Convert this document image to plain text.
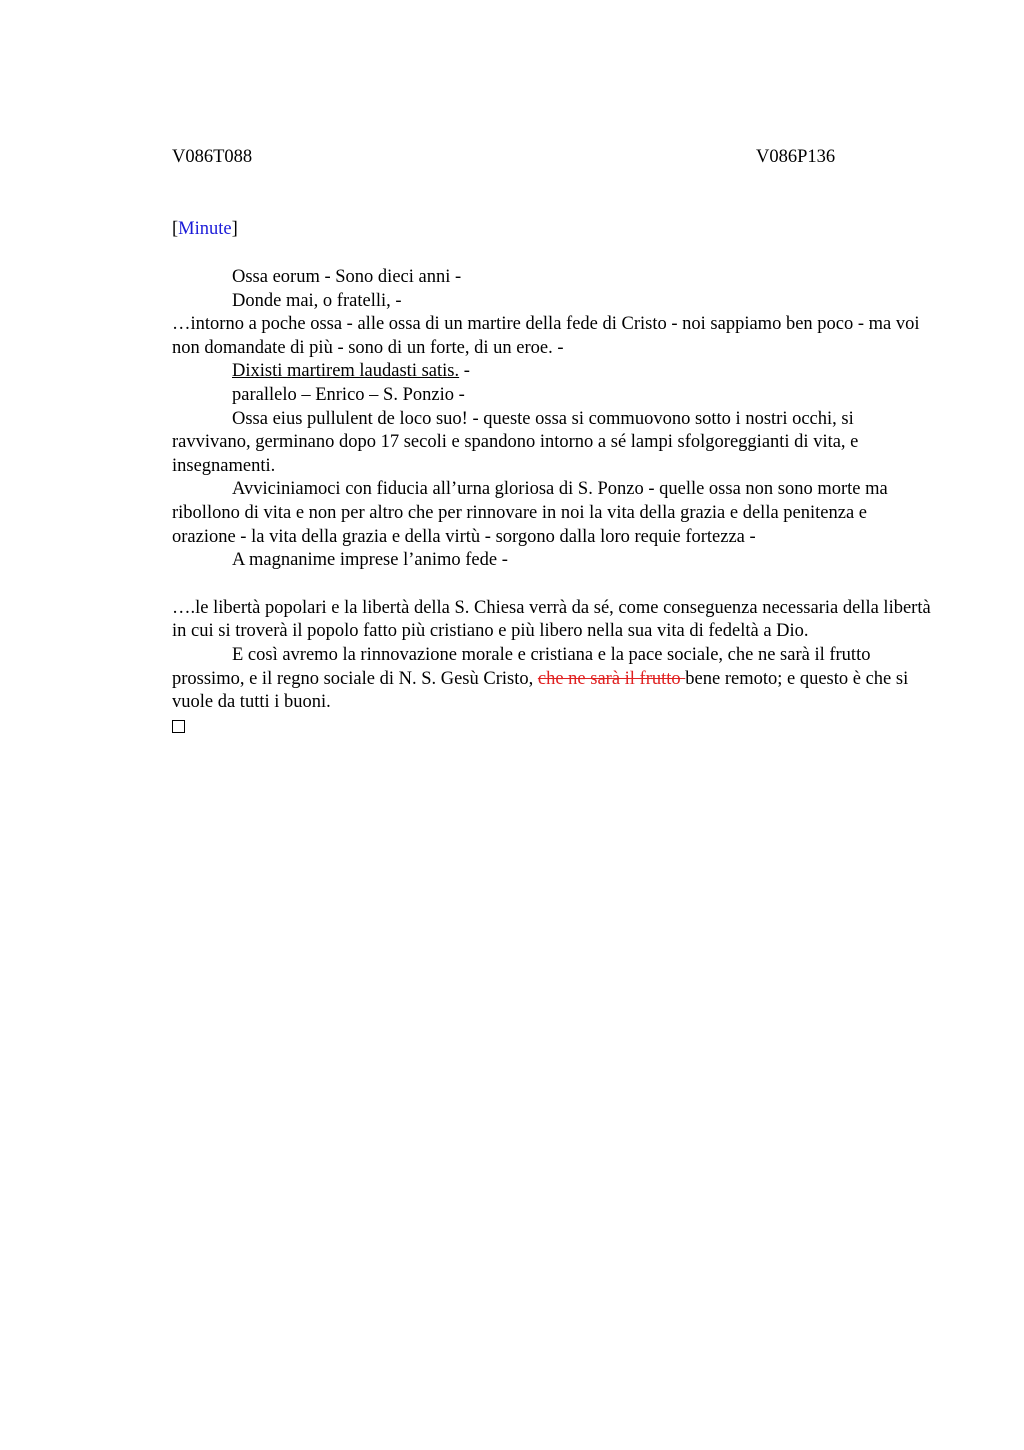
V086T088	V086P136
[Minute]

Ossa eorum - Sono dieci anni -

Donde mai, o fratelli, -

…intorno a poche ossa - alle ossa di un martire della fede di Cristo - noi sappiamo ben poco - ma voi non domandate di più - sono di un forte, di un eroe. -

Dixisti martirem laudasti satis. -

parallelo – Enrico – S. Ponzio -

Ossa eius pullulent de loco suo! - queste ossa si commuovono sotto i nostri occhi, si ravvivano, germinano dopo 17 secoli e spandono intorno a sé lampi sfolgoreggianti di vita, e insegnamenti.

Avviciniamoci con fiducia all’urna gloriosa di S. Ponzo - quelle ossa non sono morte ma ribollono di vita e non per altro che per rinnovare in noi la vita della grazia e della penitenza e orazione - la vita della grazia e della virtù - sorgono dalla loro requie fortezza -

A magnanime imprese l’animo fede -

….le libertà popolari e la libertà della S. Chiesa verrà da sé, come conseguenza necessaria della libertà in cui si troverà il popolo fatto più cristiano e più libero nella sua vita di fedeltà a Dio.

E così avremo la rinnovazione morale e cristiana e la pace sociale, che ne sarà il frutto prossimo, e il regno sociale di N. S. Gesù Cristo, che ne sarà il frutto bene remoto; e questo è che si vuole da tutti i buoni.
